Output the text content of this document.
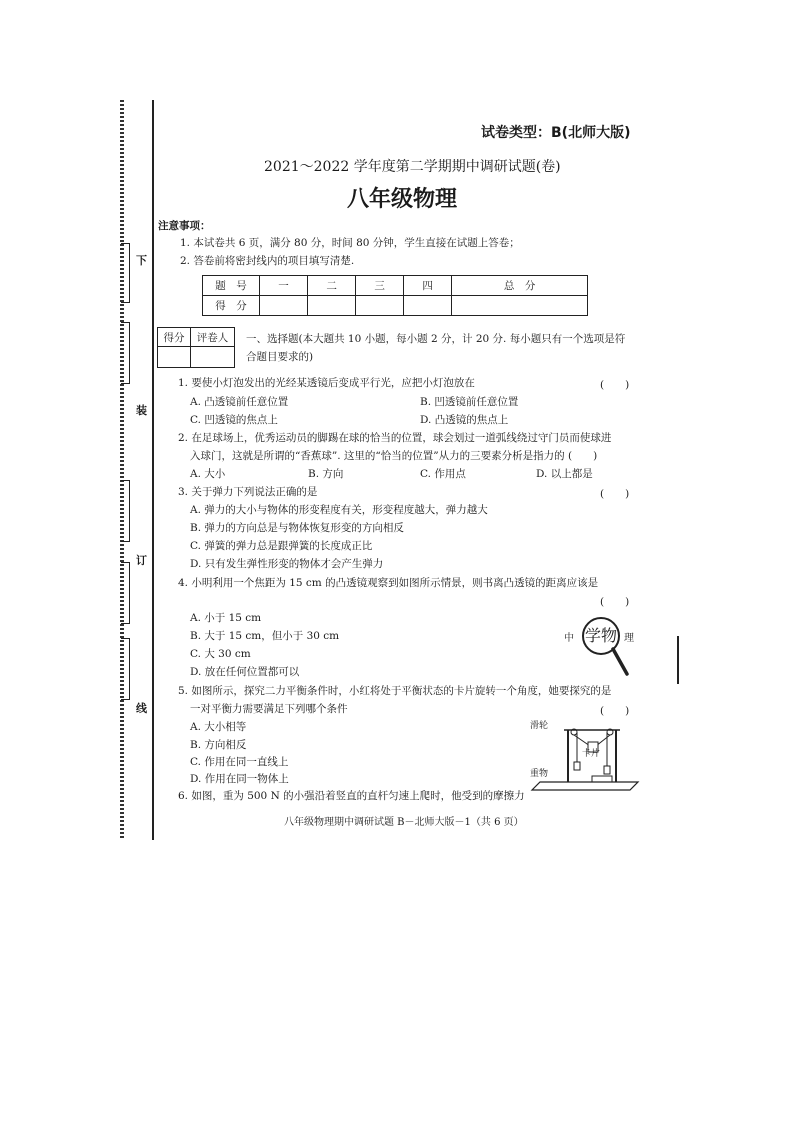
下
装
订
线
试卷类型：B(北师大版)
2021～2022 学年度第二学期期中调研试题(卷)
八年级物理
注意事项：
1. 本试卷共 6 页，满分 80 分，时间 80 分钟，学生直接在试题上答卷；
2. 答卷前将密封线内的项目填写清楚.
题　号	一	二	三	四	总　分
得　分					
得分	评卷人
	一、选择题(本大题共 10 小题，每小题 2 分，计 20 分. 每小题只有一个选项是符
合题目要求的)
1. 要使小灯泡发出的光经某透镜后变成平行光，应把小灯泡放在	(　　)
A. 凸透镜前任意位置	B. 凹透镜前任意位置
C. 凹透镜的焦点上	D. 凸透镜的焦点上
2. 在足球场上，优秀运动员的脚踢在球的恰当的位置，球会划过一道弧线绕过守门员而使球进
入球门，这就是所谓的“香蕉球”. 这里的“恰当的位置”从力的三要素分析是指力的 (　　)
A. 大小	B. 方向	C. 作用点	D. 以上都是
3. 关于弹力下列说法正确的是	(　　)
A. 弹力的大小与物体的形变程度有关，形变程度越大，弹力越大
B. 弹力的方向总是与物体恢复形变的方向相反
C. 弹簧的弹力总是跟弹簧的长度成正比
D. 只有发生弹性形变的物体才会产生弹力
4. 小明利用一个焦距为 15 cm 的凸透镜观察到如图所示情景，则书离凸透镜的距离应该是
(　　)
A. 小于 15 cm
B. 大于 15 cm，但小于 30 cm
C. 大 30 cm
D. 放在任何位置都可以
中 学物 理
5. 如图所示，探究二力平衡条件时，小红将处于平衡状态的卡片旋转一个角度，她要探究的是
一对平衡力需要满足下列哪个条件	(　　)
A. 大小相等
B. 方向相反
C. 作用在同一直线上
D. 作用在同一物体上
滑轮
卡片
重物
6. 如图，重为 500 N 的小强沿着竖直的直杆匀速上爬时，他受到的摩擦力
八年级物理期中调研试题 B－北师大版－1（共 6 页）
